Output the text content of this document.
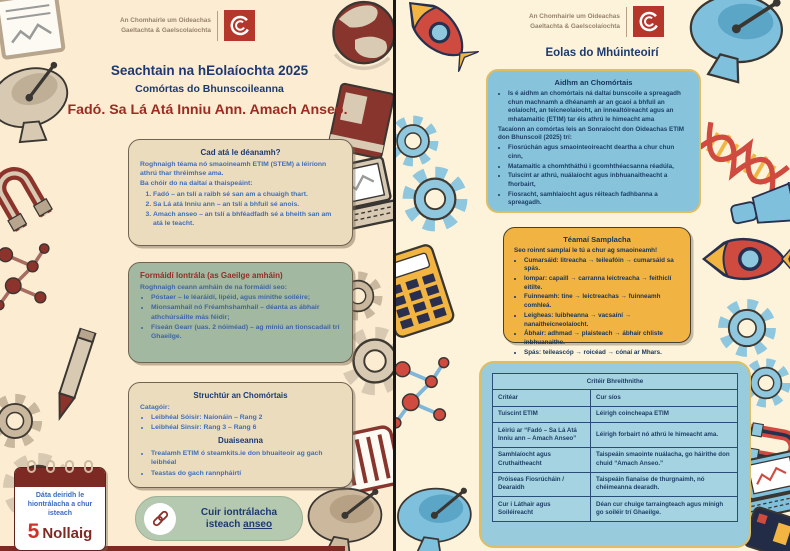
An Chomhairle um Oideachas
Gaeltachta & Gaelscolaíochta
Seachtain na hEolaíochta 2025
Comórtas do Bhunscoileanna
Fadó. Sa Lá Atá Inniu Ann. Amach Anseo.
Cad atá le déanamh?

Roghnaigh téama nó smaoineamh ETIM (STEM) a léiríonn athrú thar thréimhse ama.

Ba chóir do na daltaí a thaispeáint:

1. Fadó – an tslí a raibh sé san am a chuaigh thart.
2. Sa Lá atá Inniu ann – an tslí a bhfuil sé anois.
3. Amach anseo – an tslí a bhféadfadh sé a bheith san am atá le teacht.
Formáidí Iontrála (as Gaeilge amháin)

Roghnaigh ceann amháin de na formáidí seo:

• Póstaer – le léaráidí, lipéid, agus mínithe soiléire;
• Mionsamhail nó Fréamhshamhail – déanta as ábhair athchúrsáilte más féidir;
• Físeán Gearr (uas. 2 nóiméad) – ag míniú an tionscadail trí Ghaeilge.
Struchtúr an Chomórtais

Catagóir:

• Leibhéal Sóisir: Naíonáin – Rang 2
• Leibhéal Sinsir: Rang 3 – Rang 6
Duaiseanna
• Trealamh ETIM ó steamkits.ie don bhuaiteoir ag gach leibhéal
• Teastas do gach rannpháirtí
Dáta deiridh le hiontrálacha a chur isteach
5 Nollaig
Cuir iontrálacha
isteach anseo
An Chomhairle um Oideachas
Gaeltachta & Gaelscolaíochta
Eolas do Mhúinteoirí
Aidhm an Chomórtais
• Is é aidhm an chomórtais ná daltaí bunscoile a spreagadh chun machnamh a dhéanamh ar an gcaoi a bhfuil an eolaíocht, an teicneolaíocht, an innealtóireacht agus an mhatamaitic (ETIM) tar éis athrú le himeacht ama

Tacaíonn an comórtas leis an Sonraíocht don Oideachas ETIM don Bhunscoil (2025) trí:

• Fiosrúchán agus smaointeoireacht deartha a chur chun cinn,
• Matamaitic a chomhtháthú i gcomhthéacsanna réadúla,
• Tuiscint ar athrú, nuálaíocht agus inbhuanaitheacht a fhorbairt,
• Fiosracht, samhlaíocht agus réiteach fadhbanna a spreagadh.
Téamaí Samplacha

Seo roinnt samplaí le tú a chur ag smaoineamh!

• Cumarsáid: litreacha → teileafóin → cumarsáid sa spás.
• Iompar: capaill → carranna leictreacha → feithiclí eitilte.
• Fuinneamh: tine → leictreachas → fuinneamh comhleá.
• Leigheas: luibheanna → vacsaíní → nanaitheicneolaíocht.
• Ábhair: adhmad → plaisteach → ábhair chliste inbhuanaithe.
• Spás: teileascóp → roicéad → cónaí ar Mhars.
Critéir Bhreithnithe	
Critéar	Cur síos
Tuiscint ETIM	Léirigh coincheapa ETIM
Léiriú ar “Fadó – Sa Lá Atá Inniu ann – Amach Anseo”	Léirigh forbairt nó athrú le himeacht ama.
Samhlaíocht agus Cruthaitheacht	Taispeáin smaointe nuálacha, go háirithe don chuid “Amach Anseo.”
Próiseas Fiosrúcháin / Dearaidh	Taispeáin fianaise de thurgnaimh, nó chéimeanna dearadh.
Cur i Láthair agus Soiléireacht	Déan cur chuige tarraingteach agus mínigh go soiléir trí Ghaeilge.
